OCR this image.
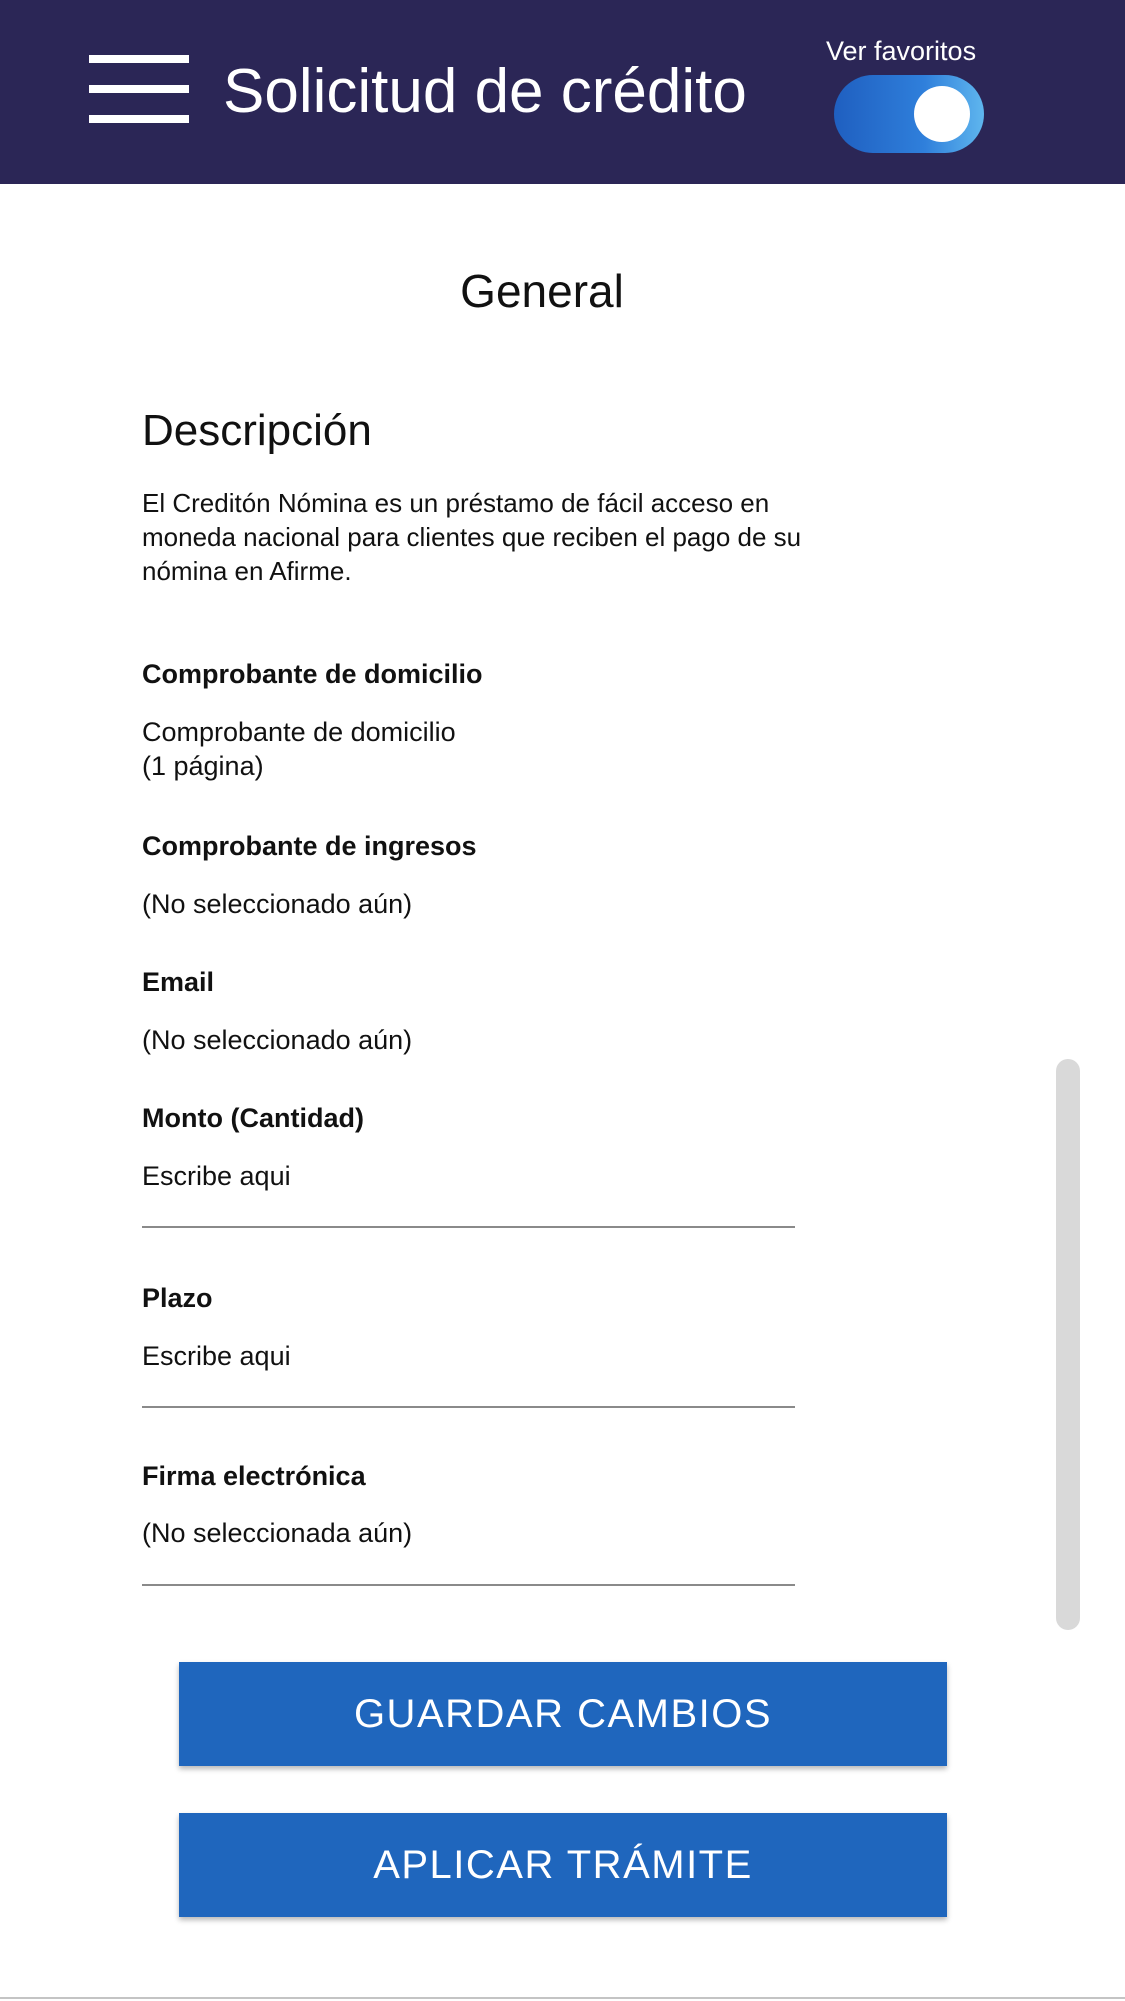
Solicitud de crédito
Ver favoritos
General
Descripción
El Creditón Nómina es un préstamo de fácil acceso en moneda nacional para clientes que reciben el pago de su nómina en Afirme.
Comprobante de domicilio
Comprobante de domicilio
(1 página)
Comprobante de ingresos
(No seleccionado aún)
Email
(No seleccionado aún)
Monto (Cantidad)
Escribe aqui
Plazo
Escribe aqui
Firma electrónica
(No seleccionada aún)
GUARDAR CAMBIOS
APLICAR TRÁMITE
